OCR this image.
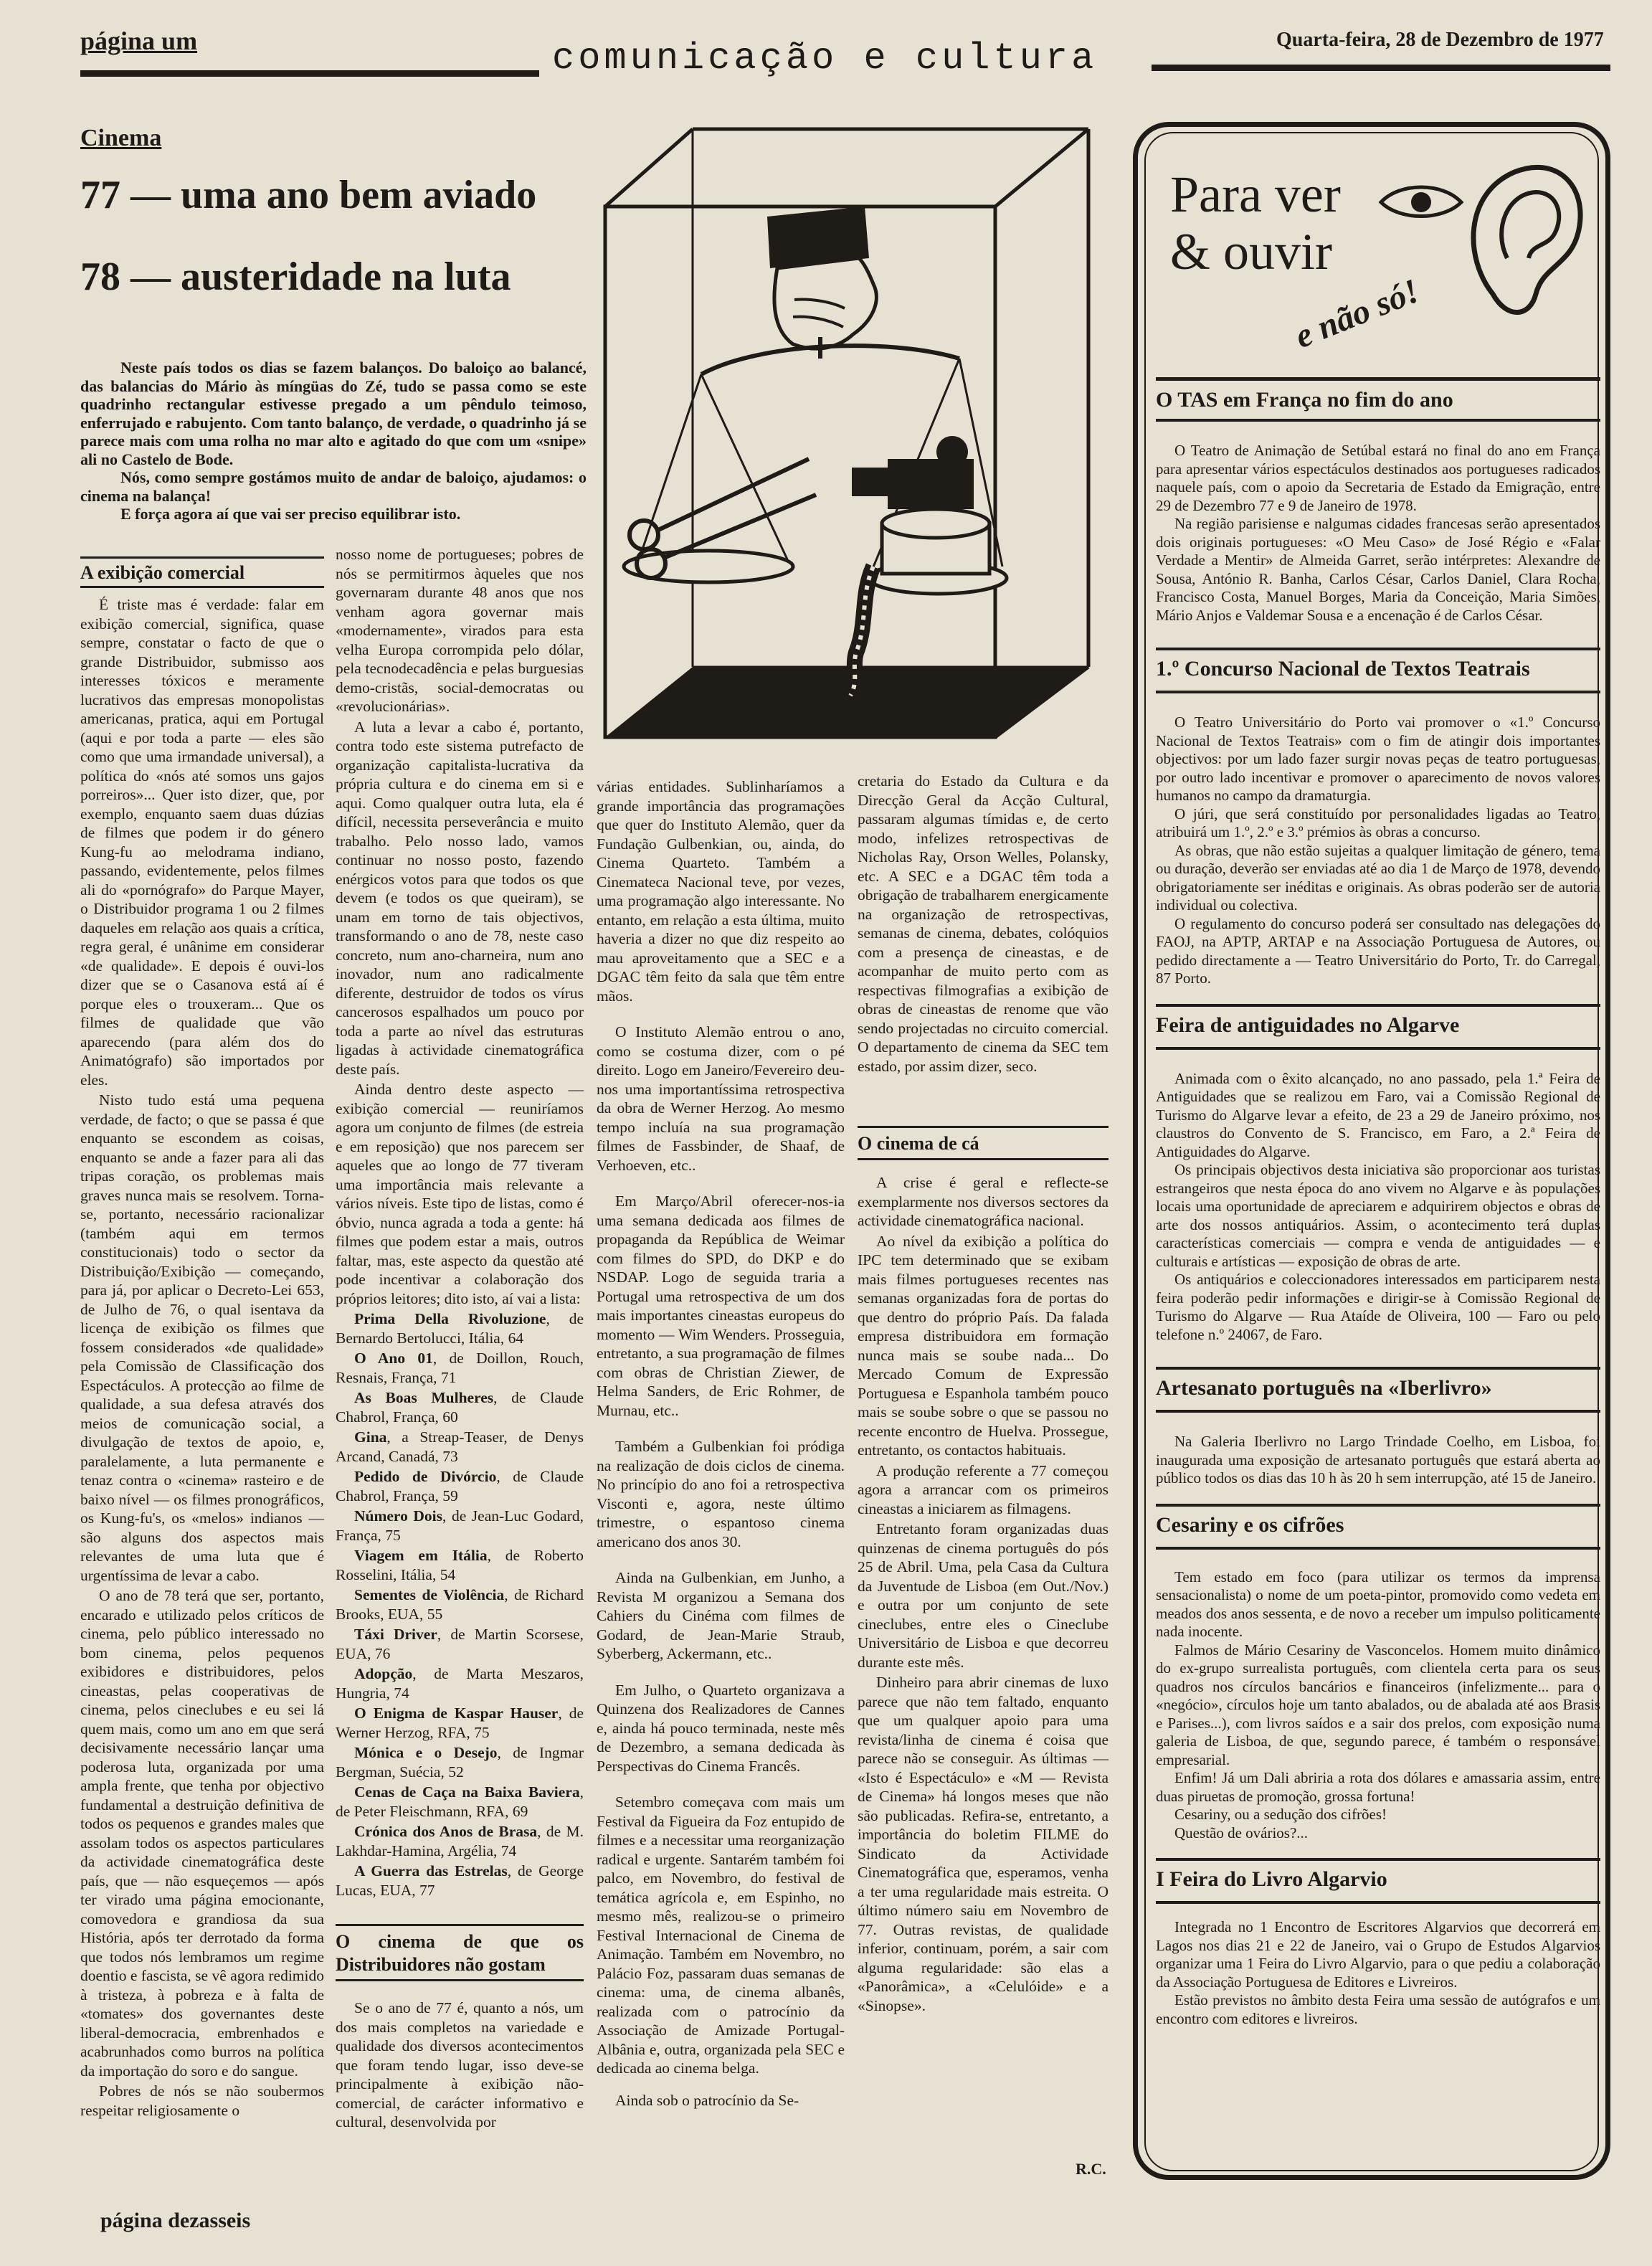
página um	comunicação e cultura	Quarta-feira, 28 de Dezembro de 1977
Cinema
77 — uma ano bem aviado
78 — austeridade na luta

Neste país todos os dias se fazem balanços. Do baloiço ao balancé, das balancias do Mário às míngüas do Zé, tudo se passa como se este quadrinho rectangular estivesse pregado a um pêndulo teimoso, enferrujado e rabujento. Com tanto balanço, de verdade, o quadrinho já se parece mais com uma rolha no mar alto e agitado do que com um «snipe» ali no Castelo de Bode.

Nós, como sempre gostámos muito de andar de baloiço, ajudamos: o cinema na balança!

E força agora aí que vai ser preciso equilibrar isto.

A exibição comercial

É triste mas é verdade: falar em exibição comercial, significa, quase sempre, constatar o facto de que o grande Distribuidor, submisso aos interesses tóxicos e meramente lucrativos das empresas monopolistas americanas, pratica, aqui em Portugal (aqui e por toda a parte — eles são como que uma irmandade universal), a política do «nós até somos uns gajos porreiros»... Quer isto dizer, que, por exemplo, enquanto saem duas dúzias de filmes que podem ir do género Kung-fu ao melodrama indiano, passando, evidentemente, pelos filmes ali do «pornógrafo» do Parque Mayer, o Distribuidor programa 1 ou 2 filmes daqueles em relação aos quais a crítica, regra geral, é unânime em considerar «de qualidade». E depois é ouvi-los dizer que se o Casanova está aí é porque eles o trouxeram... Que os filmes de qualidade que vão aparecendo (para além dos do Animatógrafo) são importados por eles.

Nisto tudo está uma pequena verdade, de facto; o que se passa é que enquanto se escondem as coisas, enquanto se ande a fazer para ali das tripas coração, os problemas mais graves nunca mais se resolvem. Torna-se, portanto, necessário racionalizar (também aqui em termos constitucionais) todo o sector da Distribuição/Exibição — começando, para já, por aplicar o Decreto-Lei 653, de Julho de 76, o qual isentava da licença de exibição os filmes que fossem considerados «de qualidade» pela Comissão de Classificação dos Espectáculos. A protecção ao filme de qualidade, a sua defesa através dos meios de comunicação social, a divulgação de textos de apoio, e, paralelamente, a luta permanente e tenaz contra o «cinema» rasteiro e de baixo nível — os filmes pronográficos, os Kung-fu's, os «melos» indianos — são alguns dos aspectos mais relevantes de uma luta que é urgentíssima de levar a cabo.

O ano de 78 terá que ser, portanto, encarado e utilizado pelos críticos de cinema, pelo público interessado no bom cinema, pelos pequenos exibidores e distribuidores, pelos cineastas, pelas cooperativas de cinema, pelos cineclubes e eu sei lá quem mais, como um ano em que será decisivamente necessário lançar uma poderosa luta, organizada por uma ampla frente, que tenha por objectivo fundamental a destruição definitiva de todos os pequenos e grandes males que assolam todos os aspectos particulares da actividade cinematográfica deste país, que — não esqueçemos — após ter virado uma página emocionante, comovedora e grandiosa da sua História, após ter derrotado da forma que todos nós lembramos um regime doentio e fascista, se vê agora redimido à tristeza, à pobreza e à falta de «tomates» dos governantes deste liberal-democracia, embrenhados e acabrunhados como burros na política da importação do soro e do sangue.

Pobres de nós se não soubermos respeitar religiosamente o

nosso nome de portugueses; pobres de nós se permitirmos àqueles que nos governaram durante 48 anos que nos venham agora governar mais «modernamente», virados para esta velha Europa corrompida pelo dólar, pela tecnodecadência e pelas burguesias demo-cristãs, social-democratas ou «revolucionárias».

A luta a levar a cabo é, portanto, contra todo este sistema putrefacto de organização capitalista-lucrativa da própria cultura e do cinema em si e aqui. Como qualquer outra luta, ela é difícil, necessita perseverância e muito trabalho. Pelo nosso lado, vamos continuar no nosso posto, fazendo enérgicos votos para que todos os que devem (e todos os que queiram), se unam em torno de tais objectivos, transformando o ano de 78, neste caso concreto, num ano-charneira, num ano inovador, num ano radicalmente diferente, destruidor de todos os vírus cancerosos espalhados um pouco por toda a parte ao nível das estruturas ligadas à actividade cinematográfica deste país.

Ainda dentro deste aspecto — exibição comercial — reuniríamos agora um conjunto de filmes (de estreia e em reposição) que nos parecem ser aqueles que ao longo de 77 tiveram uma importância mais relevante a vários níveis. Este tipo de listas, como é óbvio, nunca agrada a toda a gente: há filmes que podem estar a mais, outros faltar, mas, este aspecto da questão até pode incentivar a colaboração dos próprios leitores; dito isto, aí vai a lista:

Prima Della Rivoluzione, de Bernardo Bertolucci, Itália, 64

O Ano 01, de Doillon, Rouch, Resnais, França, 71

As Boas Mulheres, de Claude Chabrol, França, 60

Gina, a Streap-Teaser, de Denys Arcand, Canadá, 73

Pedido de Divórcio, de Claude Chabrol, França, 59

Número Dois, de Jean-Luc Godard, França, 75

Viagem em Itália, de Roberto Rosselini, Itália, 54

Sementes de Violência, de Richard Brooks, EUA, 55

Táxi Driver, de Martin Scorsese, EUA, 76

Adopção, de Marta Meszaros, Hungria, 74

O Enigma de Kaspar Hauser, de Werner Herzog, RFA, 75

Mónica e o Desejo, de Ingmar Bergman, Suécia, 52

Cenas de Caça na Baixa Baviera, de Peter Fleischmann, RFA, 69

Crónica dos Anos de Brasa, de M. Lakhdar-Hamina, Argélia, 74

A Guerra das Estrelas, de George Lucas, EUA, 77

O cinema de que os Distribuidores não gostam

Se o ano de 77 é, quanto a nós, um dos mais completos na variedade e qualidade dos diversos acontecimentos que foram tendo lugar, isso deve-se principalmente à exibição não-comercial, de carácter informativo e cultural, desenvolvida por

várias entidades. Sublinharíamos a grande importância das programações que quer do Instituto Alemão, quer da Fundação Gulbenkian, ou, ainda, do Cinema Quarteto. Também a Cinemateca Nacional teve, por vezes, uma programação algo interessante. No entanto, em relação a esta última, muito haveria a dizer no que diz respeito ao mau aproveitamento que a SEC e a DGAC têm feito da sala que têm entre mãos.

O Instituto Alemão entrou o ano, como se costuma dizer, com o pé direito. Logo em Janeiro/Fevereiro deu-nos uma importantíssima retrospectiva da obra de Werner Herzog. Ao mesmo tempo incluía na sua programação filmes de Fassbinder, de Shaaf, de Verhoeven, etc..

Em Março/Abril oferecer-nos-ia uma semana dedicada aos filmes de propaganda da República de Weimar com filmes do SPD, do DKP e do NSDAP. Logo de seguida traria a Portugal uma retrospectiva de um dos mais importantes cineastas europeus do momento — Wim Wenders. Prosseguia, entretanto, a sua programação de filmes com obras de Christian Ziewer, de Helma Sanders, de Eric Rohmer, de Murnau, etc..

Também a Gulbenkian foi pródiga na realização de dois ciclos de cinema. No princípio do ano foi a retrospectiva Visconti e, agora, neste último trimestre, o espantoso cinema americano dos anos 30.

Ainda na Gulbenkian, em Junho, a Revista M organizou a Semana dos Cahiers du Cinéma com filmes de Godard, de Jean-Marie Straub, Syberberg, Ackermann, etc..

Em Julho, o Quarteto organizava a Quinzena dos Realizadores de Cannes e, ainda há pouco terminada, neste mês de Dezembro, a semana dedicada às Perspectivas do Cinema Francês.

Setembro começava com mais um Festival da Figueira da Foz entupido de filmes e a necessitar uma reorganização radical e urgente. Santarém também foi palco, em Novembro, do festival de temática agrícola e, em Espinho, no mesmo mês, realizou-se o primeiro Festival Internacional de Cinema de Animação. Também em Novembro, no Palácio Foz, passaram duas semanas de cinema: uma, de cinema albanês, realizada com o patrocínio da Associação de Amizade Portugal-Albânia e, outra, organizada pela SEC e dedicada ao cinema belga.

Ainda sob o patrocínio da Se-

cretaria do Estado da Cultura e da Direcção Geral da Acção Cultural, passaram algumas tímidas e, de certo modo, infelizes retrospectivas de Nicholas Ray, Orson Welles, Polansky, etc. A SEC e a DGAC têm toda a obrigação de trabalharem energicamente na organização de retrospectivas, semanas de cinema, debates, colóquios com a presença de cineastas, e de acompanhar de muito perto com as respectivas filmografias a exibição de obras de cineastas de renome que vão sendo projectadas no circuito comercial. O departamento de cinema da SEC tem estado, por assim dizer, seco.

O cinema de cá

A crise é geral e reflecte-se exemplarmente nos diversos sectores da actividade cinematográfica nacional.

Ao nível da exibição a política do IPC tem determinado que se exibam mais filmes portugueses recentes nas semanas organizadas fora de portas do que dentro do próprio País. Da falada empresa distribuidora em formação nunca mais se soube nada... Do Mercado Comum de Expressão Portuguesa e Espanhola também pouco mais se soube sobre o que se passou no recente encontro de Huelva. Prossegue, entretanto, os contactos habituais.

A produção referente a 77 começou agora a arrancar com os primeiros cineastas a iniciarem as filmagens.

Entretanto foram organizadas duas quinzenas de cinema português do pós 25 de Abril. Uma, pela Casa da Cultura da Juventude de Lisboa (em Out./Nov.) e outra por um conjunto de sete cineclubes, entre eles o Cineclube Universitário de Lisboa e que decorreu durante este mês.

Dinheiro para abrir cinemas de luxo parece que não tem faltado, enquanto que um qualquer apoio para uma revista/linha de cinema é coisa que parece não se conseguir. As últimas — «Isto é Espectáculo» e «M — Revista de Cinema» há longos meses que não são publicadas. Refira-se, entretanto, a importância do boletim FILME do Sindicato da Actividade Cinematográfica que, esperamos, venha a ter uma regularidade mais estreita. O último número saiu em Novembro de 77. Outras revistas, de qualidade inferior, continuam, porém, a sair com alguma regularidade: são elas a «Panorâmica», a «Celulóide» e a «Sinopse».

R.C.
Para ver
& ouvir
e não só!
O TAS em França no fim do ano

O Teatro de Animação de Setúbal estará no final do ano em França para apresentar vários espectáculos destinados aos portugueses radicados naquele país, com o apoio da Secretaria de Estado da Emigração, entre 29 de Dezembro 77 e 9 de Janeiro de 1978.

Na região parisiense e nalgumas cidades francesas serão apresentados dois originais portugueses: «O Meu Caso» de José Régio e «Falar Verdade a Mentir» de Almeida Garret, serão intérpretes: Alexandre de Sousa, António R. Banha, Carlos César, Carlos Daniel, Clara Rocha, Francisco Costa, Manuel Borges, Maria da Conceição, Maria Simões, Mário Anjos e Valdemar Sousa e a encenação é de Carlos César.

1.º Concurso Nacional de Textos Teatrais

O Teatro Universitário do Porto vai promover o «1.º Concurso Nacional de Textos Teatrais» com o fim de atingir dois importantes objectivos: por um lado fazer surgir novas peças de teatro portuguesas, por outro lado incentivar e promover o aparecimento de novos valores humanos no campo da dramaturgia.

O júri, que será constituído por personalidades ligadas ao Teatro, atribuirá um 1.º, 2.º e 3.º prémios às obras a concurso.

As obras, que não estão sujeitas a qualquer limitação de género, tema ou duração, deverão ser enviadas até ao dia 1 de Março de 1978, devendo obrigatoriamente ser inéditas e originais. As obras poderão ser de autoria individual ou colectiva.

O regulamento do concurso poderá ser consultado nas delegações do FAOJ, na APTP, ARTAP e na Associação Portuguesa de Autores, ou pedido directamente a — Teatro Universitário do Porto, Tr. do Carregal, 87 Porto.

Feira de antiguidades no Algarve

Animada com o êxito alcançado, no ano passado, pela 1.ª Feira de Antiguidades que se realizou em Faro, vai a Comissão Regional de Turismo do Algarve levar a efeito, de 23 a 29 de Janeiro próximo, nos claustros do Convento de S. Francisco, em Faro, a 2.ª Feira de Antiguidades do Algarve.

Os principais objectivos desta iniciativa são proporcionar aos turistas estrangeiros que nesta época do ano vivem no Algarve e às populações locais uma oportunidade de apreciarem e adquirirem objectos e obras de arte dos nossos antiquários. Assim, o acontecimento terá duplas características comerciais — compra e venda de antiguidades — e culturais e artísticas — exposição de obras de arte.

Os antiquários e coleccionadores interessados em participarem nesta feira poderão pedir informações e dirigir-se à Comissão Regional de Turismo do Algarve — Rua Ataíde de Oliveira, 100 — Faro ou pelo telefone n.º 24067, de Faro.

Artesanato português na «Iberlivro»

Na Galeria Iberlivro no Largo Trindade Coelho, em Lisboa, foi inaugurada uma exposição de artesanato português que estará aberta ao público todos os dias das 10 h às 20 h sem interrupção, até 15 de Janeiro.

Cesariny e os cifrões

Tem estado em foco (para utilizar os termos da imprensa sensacionalista) o nome de um poeta-pintor, promovido como vedeta em meados dos anos sessenta, e de novo a receber um impulso politicamente nada inocente.

Falmos de Mário Cesariny de Vasconcelos. Homem muito dinâmico do ex-grupo surrealista português, com clientela certa para os seus quadros nos círculos bancários e financeiros (infelizmente... para o «negócio», círculos hoje um tanto abalados, ou de abalada até aos Brasis e Parises...), com livros saídos e a sair dos prelos, com exposição numa galeria de Lisboa, de que, segundo parece, é também o responsável empresarial.

Enfim! Já um Dali abriria a rota dos dólares e amassaria assim, entre duas piruetas de promoção, grossa fortuna!

Cesariny, ou a sedução dos cifrões!

Questão de ovários?...

I Feira do Livro Algarvio

Integrada no 1 Encontro de Escritores Algarvios que decorrerá em Lagos nos dias 21 e 22 de Janeiro, vai o Grupo de Estudos Algarvios organizar uma 1 Feira do Livro Algarvio, para o que pediu a colaboração da Associação Portuguesa de Editores e Livreiros.

Estão previstos no âmbito desta Feira uma sessão de autógrafos e um encontro com editores e livreiros.

página dezasseis
